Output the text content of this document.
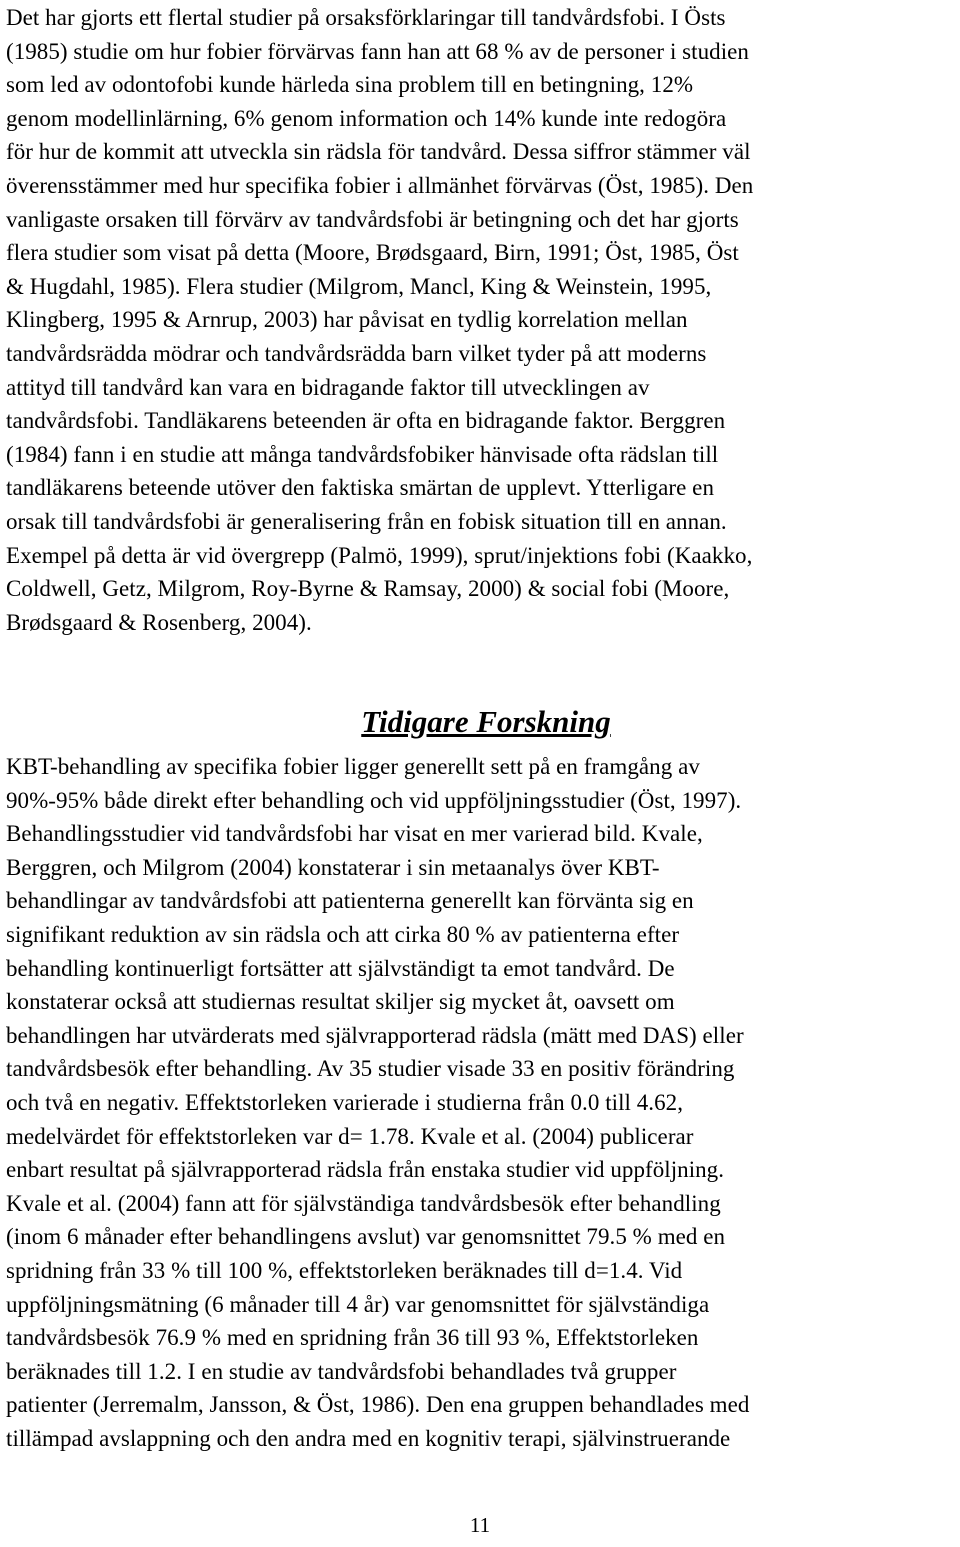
Det har gjorts ett flertal studier på orsaksförklaringar till tandvårdsfobi. I Östs
(1985) studie om hur fobier förvärvas fann han att 68 % av de personer i studien
som led av odontofobi kunde härleda sina problem till en betingning, 12%
genom modellinlärning, 6% genom information och 14% kunde inte redogöra
för hur de kommit att utveckla sin rädsla för tandvård. Dessa siffror stämmer väl
överensstämmer med hur specifika fobier i allmänhet förvärvas (Öst, 1985). Den
vanligaste orsaken till förvärv av tandvårdsfobi är betingning och det har gjorts
flera studier som visat på detta (Moore, Brødsgaard, Birn, 1991; Öst, 1985, Öst
& Hugdahl, 1985). Flera studier (Milgrom, Mancl, King & Weinstein, 1995,
Klingberg, 1995 & Arnrup, 2003) har påvisat en tydlig korrelation mellan
tandvårdsrädda mödrar och tandvårdsrädda barn vilket tyder på att moderns
attityd till tandvård kan vara en bidragande faktor till utvecklingen av
tandvårdsfobi. Tandläkarens beteenden är ofta en bidragande faktor. Berggren
(1984) fann i en studie att många tandvårdsfobiker hänvisade ofta rädslan till
tandläkarens beteende utöver den faktiska smärtan de upplevt. Ytterligare en
orsak till tandvårdsfobi är generalisering från en fobisk situation till en annan.
Exempel på detta är vid övergrepp (Palmö, 1999), sprut/injektions fobi (Kaakko,
Coldwell, Getz, Milgrom, Roy-Byrne & Ramsay, 2000) & social fobi (Moore,
Brødsgaard & Rosenberg, 2004).
Tidigare Forskning
KBT-behandling av specifika fobier ligger generellt sett på en framgång av
90%-95% både direkt efter behandling och vid uppföljningsstudier (Öst, 1997).
Behandlingsstudier vid tandvårdsfobi har visat en mer varierad bild. Kvale,
Berggren, och Milgrom (2004) konstaterar i sin metaanalys över KBT-
behandlingar av tandvårdsfobi att patienterna generellt kan förvänta sig en
signifikant reduktion av sin rädsla och att cirka 80 % av patienterna efter
behandling kontinuerligt fortsätter att självständigt ta emot tandvård. De
konstaterar också att studiernas resultat skiljer sig mycket åt, oavsett om
behandlingen har utvärderats med självrapporterad rädsla (mätt med DAS) eller
tandvårdsbesök efter behandling. Av 35 studier visade 33 en positiv förändring
och två en negativ. Effektstorleken varierade i studierna från 0.0 till 4.62,
medelvärdet för effektstorleken var d= 1.78. Kvale et al. (2004) publicerar
enbart resultat på självrapporterad rädsla från enstaka studier vid uppföljning.
Kvale et al. (2004) fann att för självständiga tandvårdsbesök efter behandling
(inom 6 månader efter behandlingens avslut) var genomsnittet 79.5 % med en
spridning från 33 % till 100 %, effektstorleken beräknades till d=1.4. Vid
uppföljningsmätning (6 månader till 4 år) var genomsnittet för självständiga
tandvårdsbesök 76.9 % med en spridning från 36 till 93 %, Effektstorleken
beräknades till 1.2. I en studie av tandvårdsfobi behandlades två grupper
patienter (Jerremalm, Jansson, & Öst, 1986). Den ena gruppen behandlades med
tillämpad avslappning och den andra med en kognitiv terapi, självinstruerande
11
